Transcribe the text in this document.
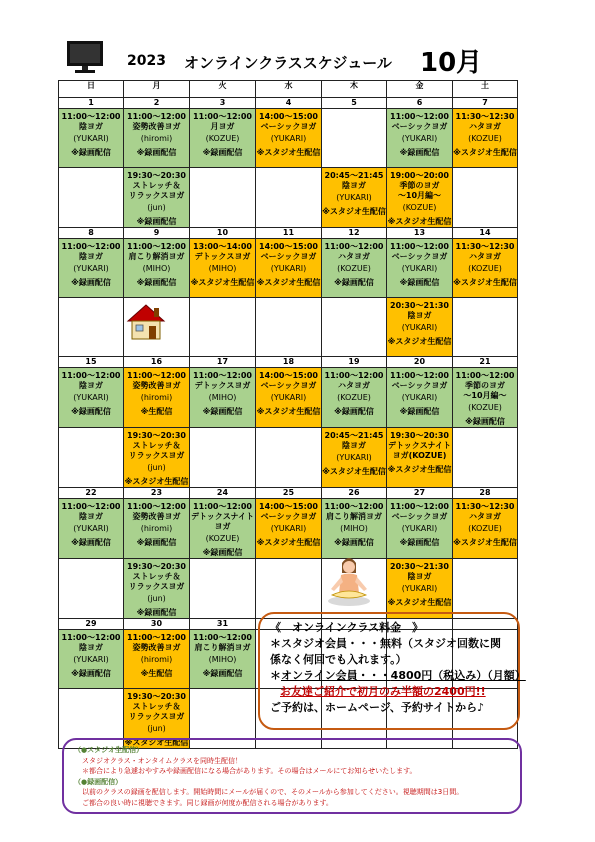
2023 オンラインクラススケジュール 10月
日	月	火	水	木	金	土
1	2	3	4	5	6	7

11:00～12:00
陰ヨガ
(YUKARI)
※録画配信	11:00～12:00
姿勢改善ヨガ
(hiromi)
※録画配信	11:00～12:00
月ヨガ
(KOZUE)
※録画配信	14:00～15:00
ベーシックヨガ
(YUKARI)
※スタジオ生配信		11:00～12:00
ベーシックヨガ
(YUKARI)
※録画配信	11:30～12:30
ハタヨガ
(KOZUE)
※スタジオ生配信

	19:30～20:30
ストレッチ＆
リラックスヨガ
(jun)
※録画配信			20:45～21:45
陰ヨガ
(YUKARI)
※スタジオ生配信	19:00～20:00
季節のヨガ
～10月編～
(KOZUE)
※スタジオ生配信	

8	9	10	11	12	13	14

11:00～12:00
陰ヨガ
(YUKARI)
※録画配信	11:00～12:00
肩こり解消ヨガ
(MIHO)
※録画配信	13:00～14:00
デトックスヨガ
(MIHO)
※スタジオ生配信	14:00～15:00
ベーシックヨガ
(YUKARI)
※スタジオ生配信	11:00～12:00
ハタヨガ
(KOZUE)
※録画配信	11:00～12:00
ベーシックヨガ
(YUKARI)
※録画配信	11:30～12:30
ハタヨガ
(KOZUE)
※スタジオ生配信

					20:30～21:30
陰ヨガ
(YUKARI)
※スタジオ生配信	

15	16	17	18	19	20	21

11:00～12:00
陰ヨガ
(YUKARI)
※録画配信	11:00～12:00
姿勢改善ヨガ
(hiromi)
※生配信	11:00～12:00
デトックスヨガ
(MIHO)
※録画配信	14:00～15:00
ベーシックヨガ
(YUKARI)
※スタジオ生配信	11:00～12:00
ハタヨガ
(KOZUE)
※録画配信	11:00～12:00
ベーシックヨガ
(YUKARI)
※録画配信	11:00～12:00
季節のヨガ
～10月編～
(KOZUE)
※録画配信

	19:30～20:30
ストレッチ＆
リラックスヨガ
(jun)
※スタジオ生配信			20:45～21:45
陰ヨガ
(YUKARI)
※スタジオ生配信	19:30～20:30
デトックスナイト
ヨガ(KOZUE)
※スタジオ生配信	

22	23	24	25	26	27	28

11:00～12:00
陰ヨガ
(YUKARI)
※録画配信	11:00～12:00
姿勢改善ヨガ
(hiromi)
※録画配信	11:00～12:00
デトックスナイト
ヨガ
(KOZUE)
※録画配信	14:00～15:00
ベーシックヨガ
(YUKARI)
※スタジオ生配信	11:00～12:00
肩こり解消ヨガ
(MIHO)
※録画配信	11:00～12:00
ベーシックヨガ
(YUKARI)
※録画配信	11:30～12:30
ハタヨガ
(KOZUE)
※スタジオ生配信

	19:30～20:30
ストレッチ＆
リラックスヨガ
(jun)
※録画配信				20:30～21:30
陰ヨガ
(YUKARI)
※スタジオ生配信	

29	30	31				

11:00～12:00
陰ヨガ
(YUKARI)
※録画配信	11:00～12:00
姿勢改善ヨガ
(hiromi)
※生配信	11:00～12:00
肩こり解消ヨガ
(MIHO)
※録画配信				

	19:30～20:30
ストレッチ＆
リラックスヨガ
(jun)
※スタジオ生配信					

《　オンラインクラス料金　》
＊スタジオ会員・・・無料（スタジオ回数に関
係なく何回でも入れます。）
＊オンライン会員・・・4800円（税込み）（月額）
お友達ご紹介で初月のみ半額の2400円!!
ご予約は、ホームページ、予約サイトから♪
（●スタジオ生配信）
スタジオクラス・オンタイムクラスを同時生配信！
＊都合により急遽おやすみや録画配信になる場合があります。その場合はメールにてお知らせいたします。
（●録画配信）
以前のクラスの録画を配信します。開始時間にメールが届くので、そのメールから参加してください。視聴期間は3日間。
ご都合の良い時に視聴できます。同じ録画が何度か配信される場合があります。
